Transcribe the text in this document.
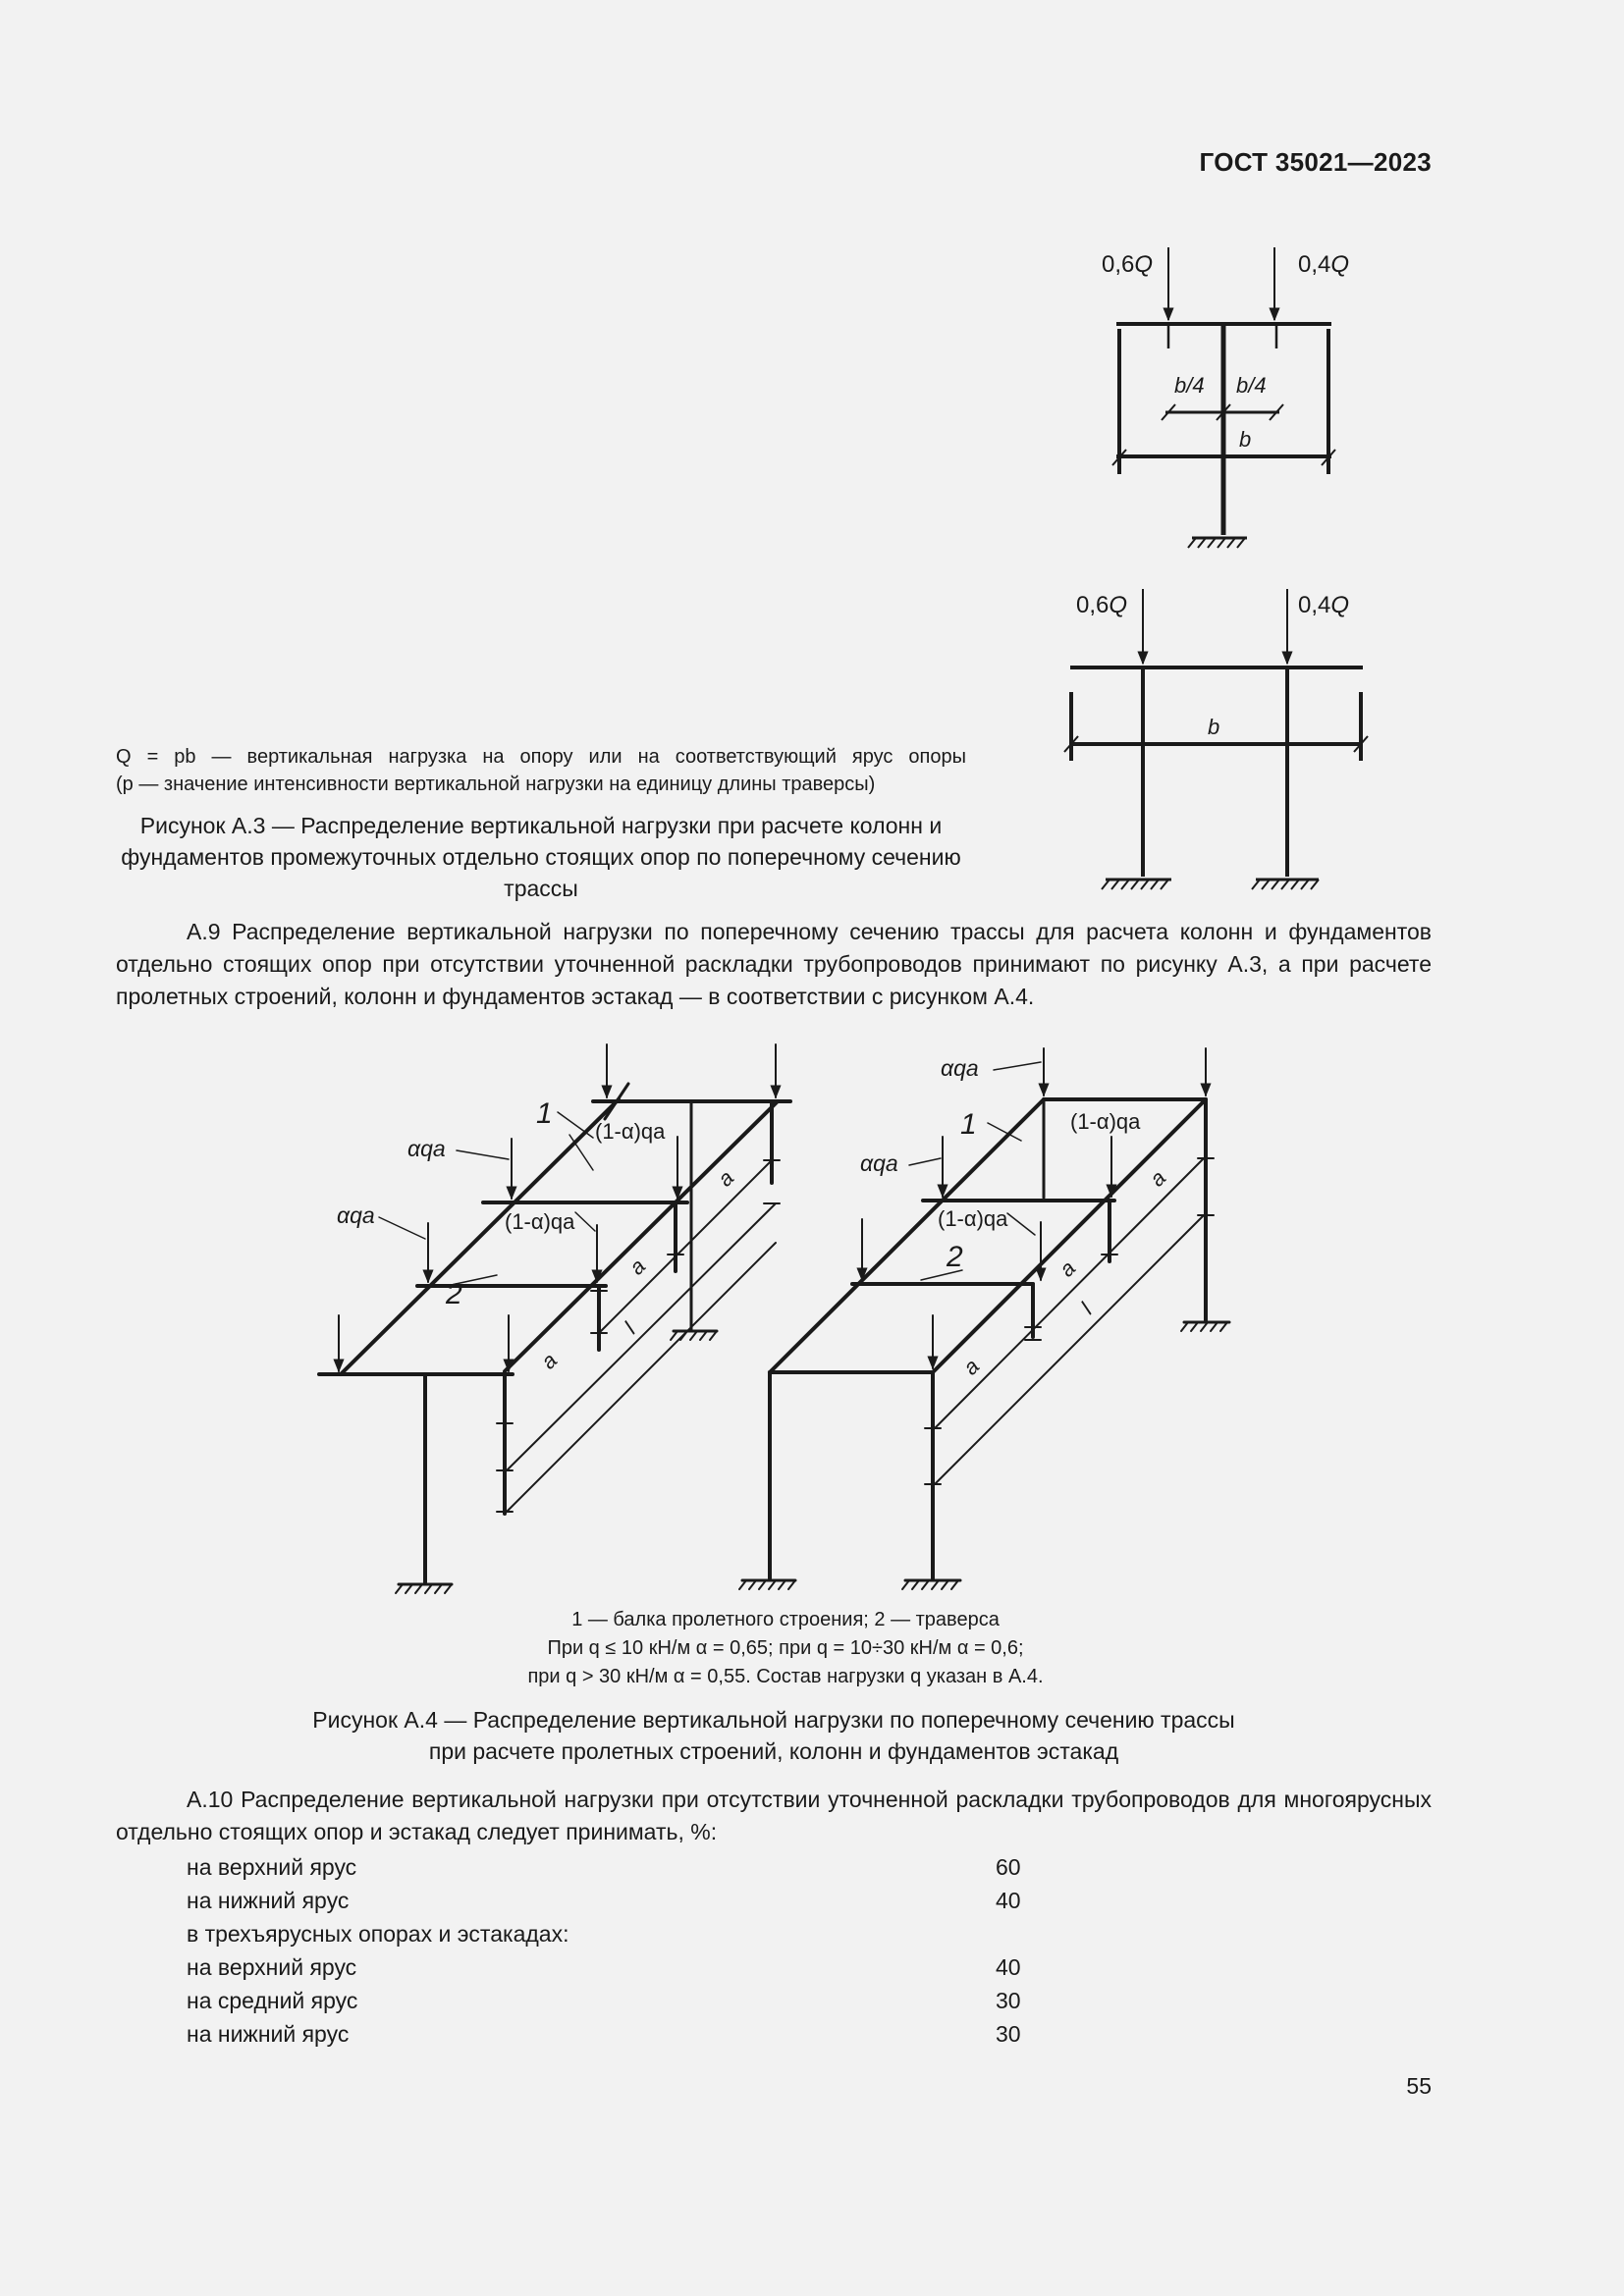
ГОСТ 35021—2023
0,6Q	0,4Q
b/4 b/4
b
0,6Q	0,4Q
b
Q = pb — вертикальная нагрузка на опору или на соответствующий ярус опоры
(p — значение интенсивности вертикальной нагрузки на единицу длины траверсы)
Рисунок А.3 — Распределение вертикальной нагрузки при расчете колонн и фундаментов промежуточных отдельно стоящих опор по поперечному сечению трассы
А.9 Распределение вертикальной нагрузки по поперечному сечению трассы для расчета колонн и фундаментов отдельно стоящих опор при отсутствии уточненной раскладки трубопроводов принимают по рисунку А.3, а при расчете пролетных строений, колонн и фундаментов эстакад — в соответствии с рисунком А.4.
αqa
αqa
1
(1-α)qa
(1-α)qa
2
a
a
a
l
αqa
αqa
1	(1-α)qa
(1-α)qa
2
a
a
a
l
1 — балка пролетного строения; 2 — траверса
При q ≤ 10 кН/м α = 0,65; при q = 10÷30 кН/м α = 0,6;
при q > 30 кН/м α = 0,55. Состав нагрузки q указан в А.4.
Рисунок А.4 — Распределение вертикальной нагрузки по поперечному сечению трассы
при расчете пролетных строений, колонн и фундаментов эстакад
А.10 Распределение вертикальной нагрузки при отсутствии уточненной раскладки трубопроводов для многоярусных отдельно стоящих опор и эстакад следует принимать, %:
на верхний ярус	60
на нижний ярус	40
в трехъярусных опорах и эстакадах:
на верхний ярус	40
на средний ярус	30
на нижний ярус	30
55
